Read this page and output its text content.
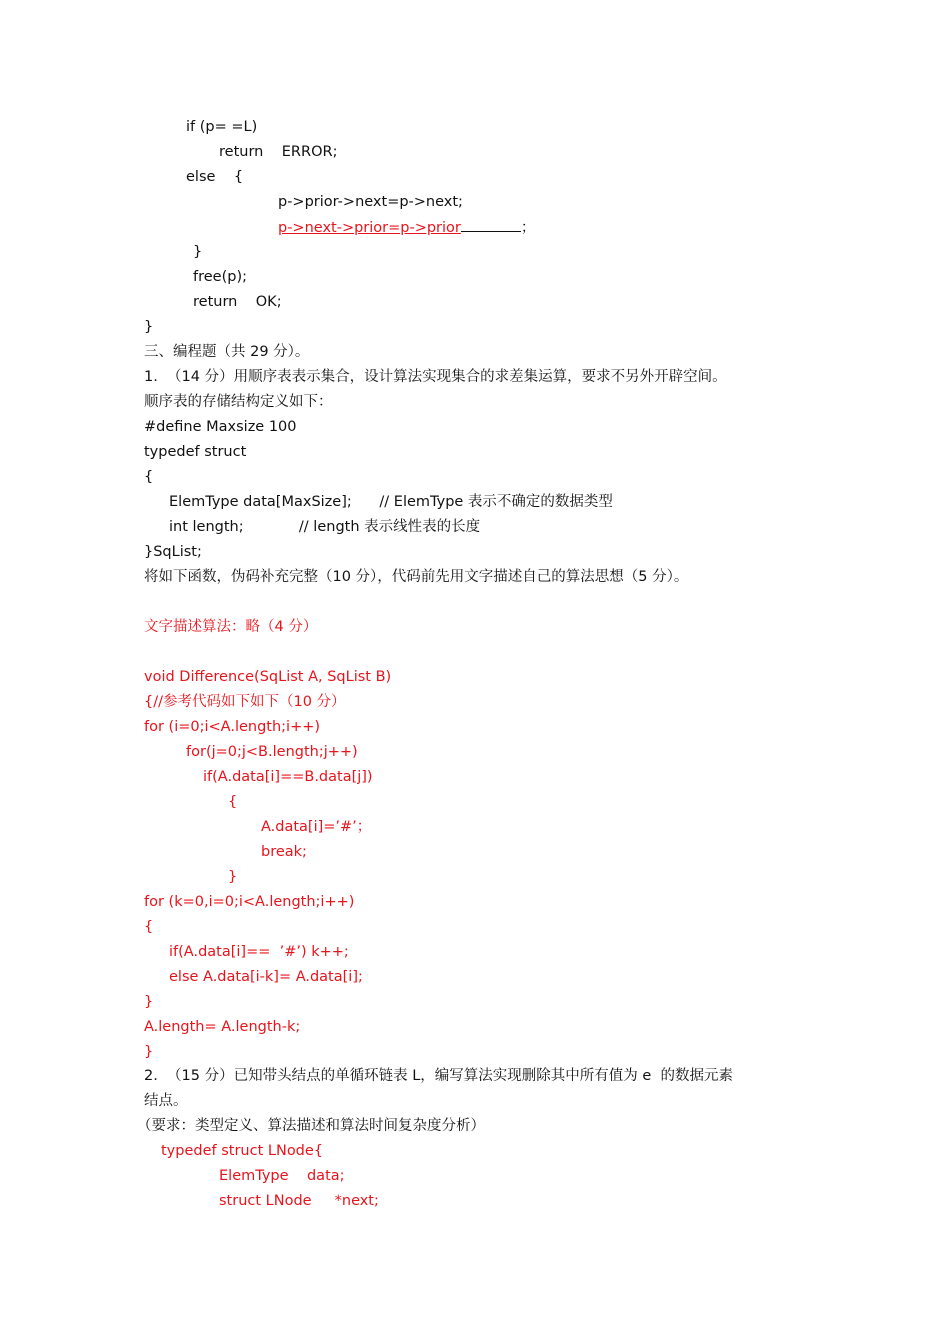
if (p= =L)
return    ERROR;
else    {
p->prior->next=p->next;
p->next->prior=p->prior	；
}
free(p);
return    OK;
}
三、编程题（共 29 分）。
1.  （14 分）用顺序表表示集合，设计算法实现集合的求差集运算，要求不另外开辟空间。
顺序表的存储结构定义如下：
#define Maxsize 100
typedef struct
{
ElemType data[MaxSize];      // ElemType 表示不确定的数据类型
int length;            // length 表示线性表的长度
}SqList;
将如下函数，伪码补充完整（10 分），代码前先用文字描述自己的算法思想（5 分）。
文字描述算法：略（4 分）
void Difference(SqList A, SqList B)
{//参考代码如下如下（10 分）
for (i=0;i<A.length;i++)
for(j=0;j<B.length;j++)
if(A.data[i]==B.data[j])
{
A.data[i]=’#’；
break;
}
for (k=0,i=0;i<A.length;i++)
{
if(A.data[i]==  ’#’) k++;
else A.data[i-k]= A.data[i];
}
A.length= A.length-k;
}
2.  （15 分）已知带头结点的单循环链表 L，编写算法实现删除其中所有值为 e  的数据元素
结点。
（要求：类型定义、算法描述和算法时间复杂度分析）
typedef struct LNode{
ElemType    data;
struct LNode     *next;
